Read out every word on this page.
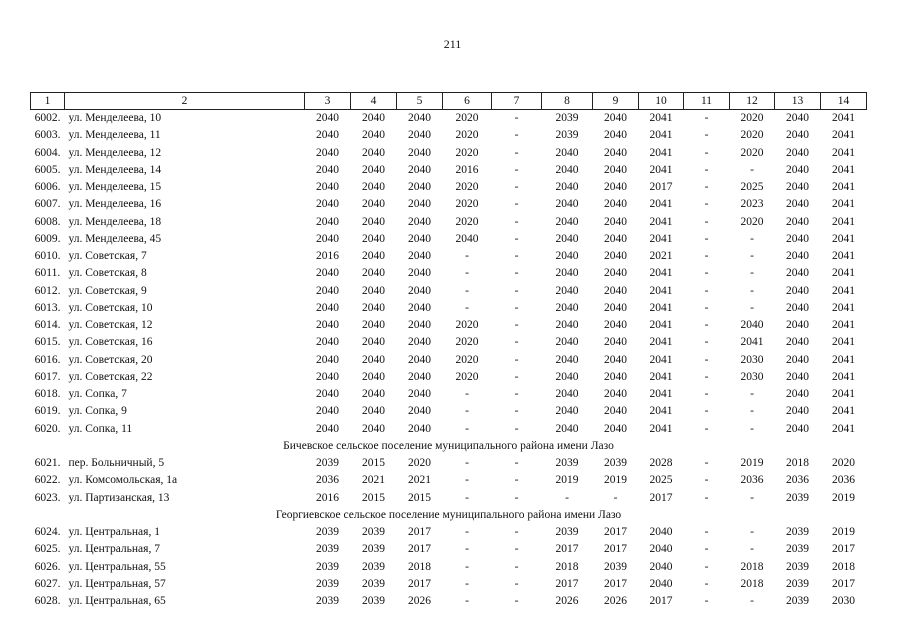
211
1	2	3	4	5	6	7	8	9	10	11	12	13	14
6002.	ул. Менделеева, 10	2040	2040	2040	2020	-	2039	2040	2041	-	2020	2040	2041
6003.	ул. Менделеева, 11	2040	2040	2040	2020	-	2039	2040	2041	-	2020	2040	2041
6004.	ул. Менделеева, 12	2040	2040	2040	2020	-	2040	2040	2041	-	2020	2040	2041
6005.	ул. Менделеева, 14	2040	2040	2040	2016	-	2040	2040	2041	-	-	2040	2041
6006.	ул. Менделеева, 15	2040	2040	2040	2020	-	2040	2040	2017	-	2025	2040	2041
6007.	ул. Менделеева, 16	2040	2040	2040	2020	-	2040	2040	2041	-	2023	2040	2041
6008.	ул. Менделеева, 18	2040	2040	2040	2020	-	2040	2040	2041	-	2020	2040	2041
6009.	ул. Менделеева, 45	2040	2040	2040	2040	-	2040	2040	2041	-	-	2040	2041
6010.	ул. Советская, 7	2016	2040	2040	-	-	2040	2040	2021	-	-	2040	2041
6011.	ул. Советская, 8	2040	2040	2040	-	-	2040	2040	2041	-	-	2040	2041
6012.	ул. Советская, 9	2040	2040	2040	-	-	2040	2040	2041	-	-	2040	2041
6013.	ул. Советская, 10	2040	2040	2040	-	-	2040	2040	2041	-	-	2040	2041
6014.	ул. Советская, 12	2040	2040	2040	2020	-	2040	2040	2041	-	2040	2040	2041
6015.	ул. Советская, 16	2040	2040	2040	2020	-	2040	2040	2041	-	2041	2040	2041
6016.	ул. Советская, 20	2040	2040	2040	2020	-	2040	2040	2041	-	2030	2040	2041
6017.	ул. Советская, 22	2040	2040	2040	2020	-	2040	2040	2041	-	2030	2040	2041
6018.	ул. Сопка, 7	2040	2040	2040	-	-	2040	2040	2041	-	-	2040	2041
6019.	ул. Сопка, 9	2040	2040	2040	-	-	2040	2040	2041	-	-	2040	2041
6020.	ул. Сопка, 11	2040	2040	2040	-	-	2040	2040	2041	-	-	2040	2041
Бичевское сельское поселение муниципального района имени Лазо													
6021.	пер. Больничный, 5	2039	2015	2020	-	-	2039	2039	2028	-	2019	2018	2020
6022.	ул. Комсомольская, 1а	2036	2021	2021	-	-	2019	2019	2025	-	2036	2036	2036
6023.	ул. Партизанская, 13	2016	2015	2015	-	-	-	-	2017	-	-	2039	2019
Георгиевское сельское поселение муниципального района имени Лазо													
6024.	ул. Центральная, 1	2039	2039	2017	-	-	2039	2017	2040	-	-	2039	2019
6025.	ул. Центральная, 7	2039	2039	2017	-	-	2017	2017	2040	-	-	2039	2017
6026.	ул. Центральная, 55	2039	2039	2018	-	-	2018	2039	2040	-	2018	2039	2018
6027.	ул. Центральная, 57	2039	2039	2017	-	-	2017	2017	2040	-	2018	2039	2017
6028.	ул. Центральная, 65	2039	2039	2026	-	-	2026	2026	2017	-	-	2039	2030
